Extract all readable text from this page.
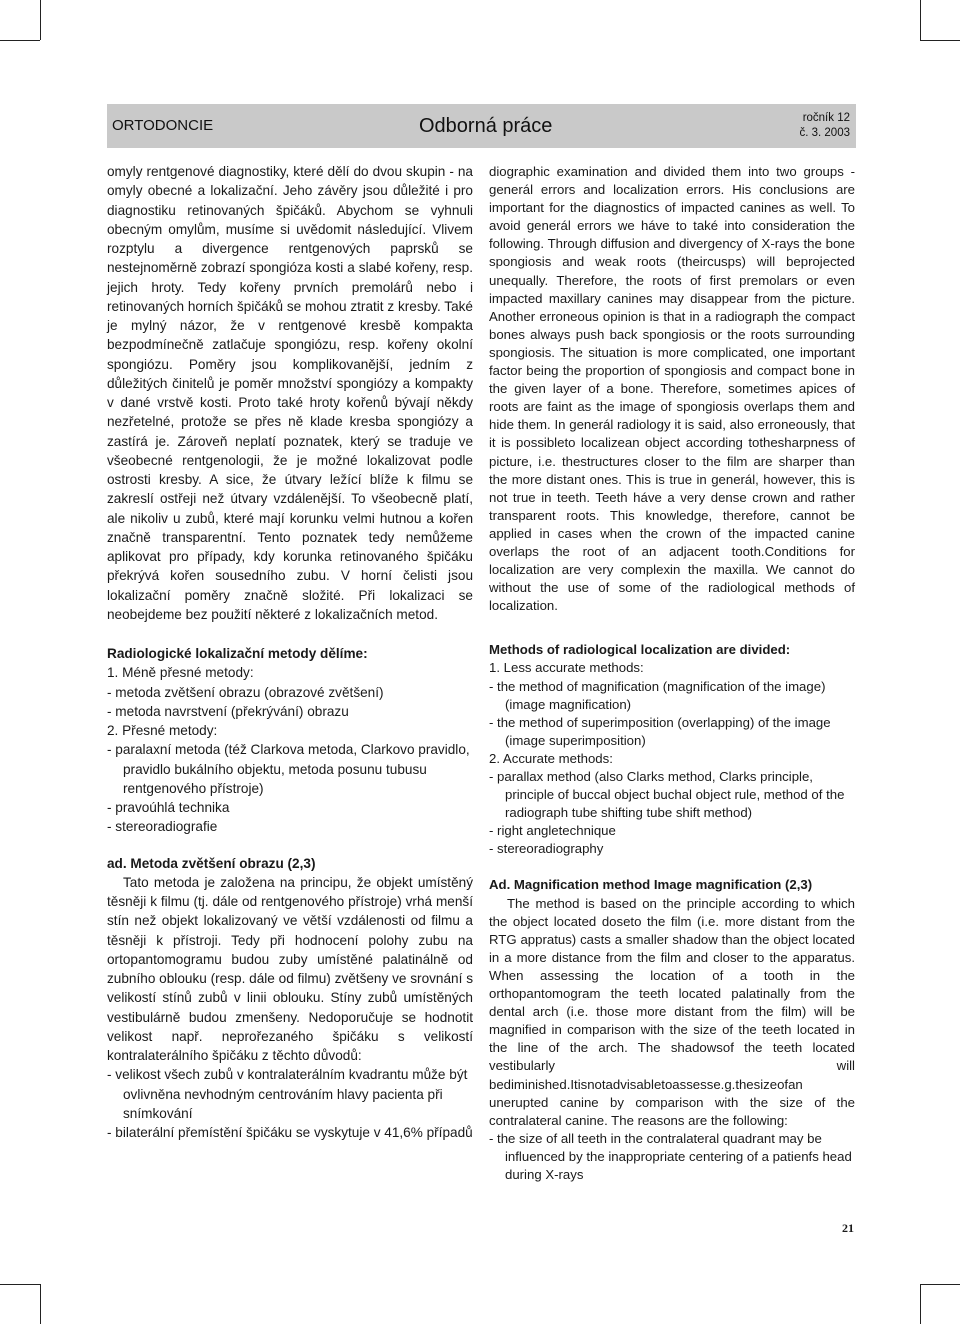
ORTODONCIE	Odborná práce	ročník 12
č. 3. 2003

omyly rentgenové diagnostiky, které dělí do dvou skupin - na omyly obecné a lokalizační. Jeho závěry jsou důležité i pro diagnostiku retinovaných špičáků. Abychom se vyhnuli obecným omylům, musíme si uvědomit následující. Vlivem rozptylu a divergence rentgenových paprsků se nestejnoměrně zobrazí spongióza kosti a slabé kořeny, resp. jejich hroty. Tedy kořeny prvních premolárů nebo i retinovaných horních špičáků se mohou ztratit z kresby. Také je mylný názor, že v rentgenové kresbě kompakta bezpodmínečně zatlačuje spongiózu, resp. kořeny okolní spongiózu. Poměry jsou komplikovanější, jedním z důležitých činitelů je poměr množství spongiózy a kompakty v dané vrstvě kosti. Proto také hroty kořenů bývají někdy nezřetelné, protože se přes ně klade kresba spongiózy a zastírá je. Zároveň neplatí poznatek, který se traduje ve všeobecné rentgenologii, že je možné lokalizovat podle ostrosti kresby. A sice, že útvary ležící blíže k filmu se zakreslí ostřeji než útvary vzdálenější. To všeobecně platí, ale nikoliv u zubů, které mají korunku velmi hutnou a kořen značně transparentní. Tento poznatek tedy nemůžeme aplikovat pro případy, kdy korunka retinovaného špičáku překrývá kořen sousedního zubu. V horní čelisti jsou lokalizační poměry značně složité. Při lokalizaci se neobejdeme bez použití některé z lokalizačních metod.

Radiologické lokalizační metody dělíme:

1. Méně přesné metody:

- metoda zvětšení obrazu (obrazové zvětšení)
- metoda navrstvení (překrývání) obrazu

2. Přesné metody:

- paralaxní metoda (též Clarkova metoda, Clarkovo pravidlo, pravidlo bukálního objektu, metoda posunu tubusu rentgenového přístroje)
- pravoúhlá technika
- stereoradiografie

ad. Metoda zvětšení obrazu (2,3)

Tato metoda je založena na principu, že objekt umístěný těsněji k filmu (tj. dále od rentgenového přístroje) vrhá menší stín než objekt lokalizovaný ve větší vzdálenosti od filmu a těsněji k přístroji. Tedy při hodnocení polohy zubu na ortopantomogramu budou zuby umístěné palatinálně od zubního oblouku (resp. dále od filmu) zvětšeny ve srovnání s velikostí stínů zubů v linii oblouku. Stíny zubů umístěných vestibulárně budou zmenšeny. Nedoporučuje se hodnotit velikost např. neprořezaného špičáku s velikostí kontralaterálního špičáku z těchto důvodů:

- velikost všech zubů v kontralaterálním kvadrantu může být ovlivněna nevhodným centrováním hlavy pacienta při snímkování
- bilaterální přemístění špičáku se vyskytuje v 41,6% případů

diographic examination and divided them into two groups - generál errors and localization errors. His conclusions are important for the diagnostics of impacted canines as well. To avoid generál errors we háve to také into consideration the following. Through diffusion and divergency of X-rays the bone spongiosis and weak roots (theircusps) will beprojected unequally. Therefore, the roots of first premolars or even impacted maxillary canines may disappear from the picture. Another erroneous opinion is that in a radiograph the compact bones always push back spongiosis or the roots surrounding spongiosis. The situation is more complicated, one important factor being the proportion of spongiosis and compact bone in the given layer of a bone. Therefore, sometimes apices of roots are faint as the image of spongiosis overlaps them and hide them. In generál radiology it is said, also erroneously, that it is possibleto localizean object according tothesharpness of picture, i.e. thestructures closer to the film are sharper than the more distant ones. This is true in generál, however, this is not true in teeth. Teeth háve a very dense crown and rather transparent roots. This knowledge, therefore, cannot be applied in cases when the crown of the impacted canine overlaps the root of an adjacent tooth.Conditions for localization are very complexin the maxilla. We cannot do without the use of some of the radiological methods of localization.

Methods of radiological localization are divided:

1. Less accurate methods:

- the method of magnification (magnification of the image)(image magnification)
- the method of superimposition (overlapping) of the image (image superimposition)

2. Accurate methods:

- parallax method (also Clarks method, Clarks principle, principle of buccal object buchal object rule, method of the radiograph tube shifting tube shift method)
- right angletechnique
- stereoradiography

Ad. Magnification method Image magnification (2,3)

The method is based on the principle according to which the object located doseto the film (i.e. more distant from the RTG appratus) casts a smaller shadow than the object located in a more distance from the film and closer to the apparatus. When assessing the location of a tooth in the orthopantomogram the teeth located palatinally from the dental arch (i.e. those more distant from the film) will be magnified in comparison with the size of the teeth located in the line of the arch. The shadowsof the teeth located vestibularly will bediminished.Itisnotadvisabletoassesse.g.thesizeofan unerupted canine by comparison with the size of the contralateral canine. The reasons are the following:

- the size of all teeth in the contralateral quadrant may be influenced by the inappropriate centering of a patienfs head during X-rays
21
